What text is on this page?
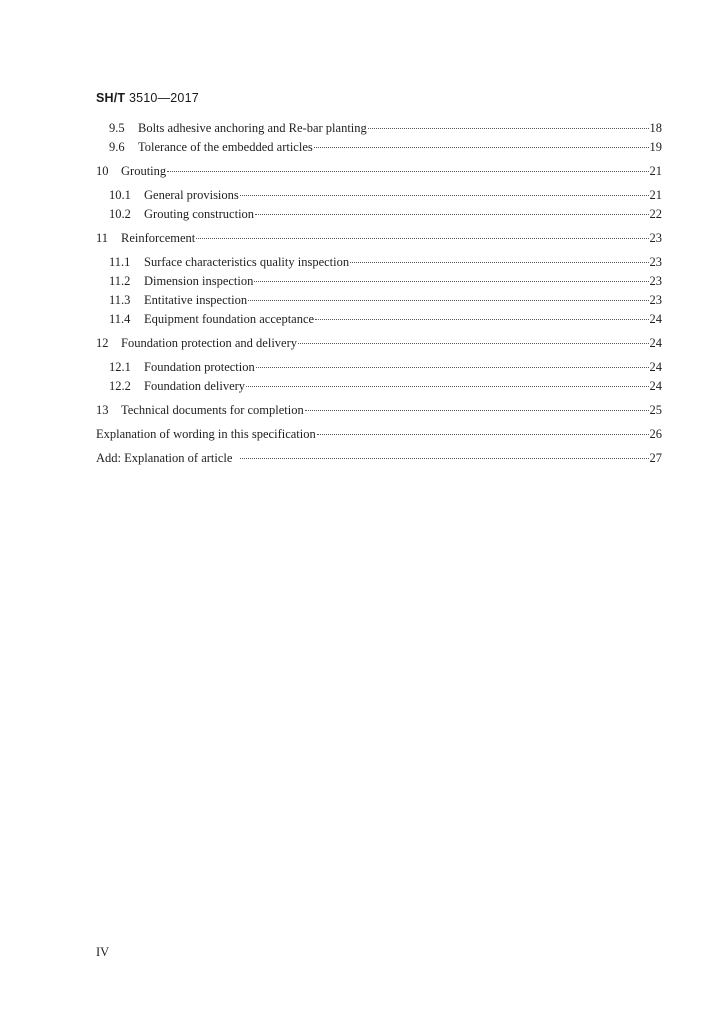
SH/T 3510—2017
9.5	Bolts adhesive anchoring and Re-bar planting	18
9.6	Tolerance of the embedded articles	19
10	Grouting	21
10.1	General provisions	21
10.2	Grouting construction	22
11	Reinforcement	23
11.1	Surface characteristics quality inspection	23
11.2	Dimension inspection	23
11.3	Entitative inspection	23
11.4	Equipment foundation acceptance	24
12	Foundation protection and delivery	24
12.1	Foundation protection	24
12.2	Foundation delivery	24
13	Technical documents for completion	25
Explanation of wording in this specification	26
Add: Explanation of article	27
IV
